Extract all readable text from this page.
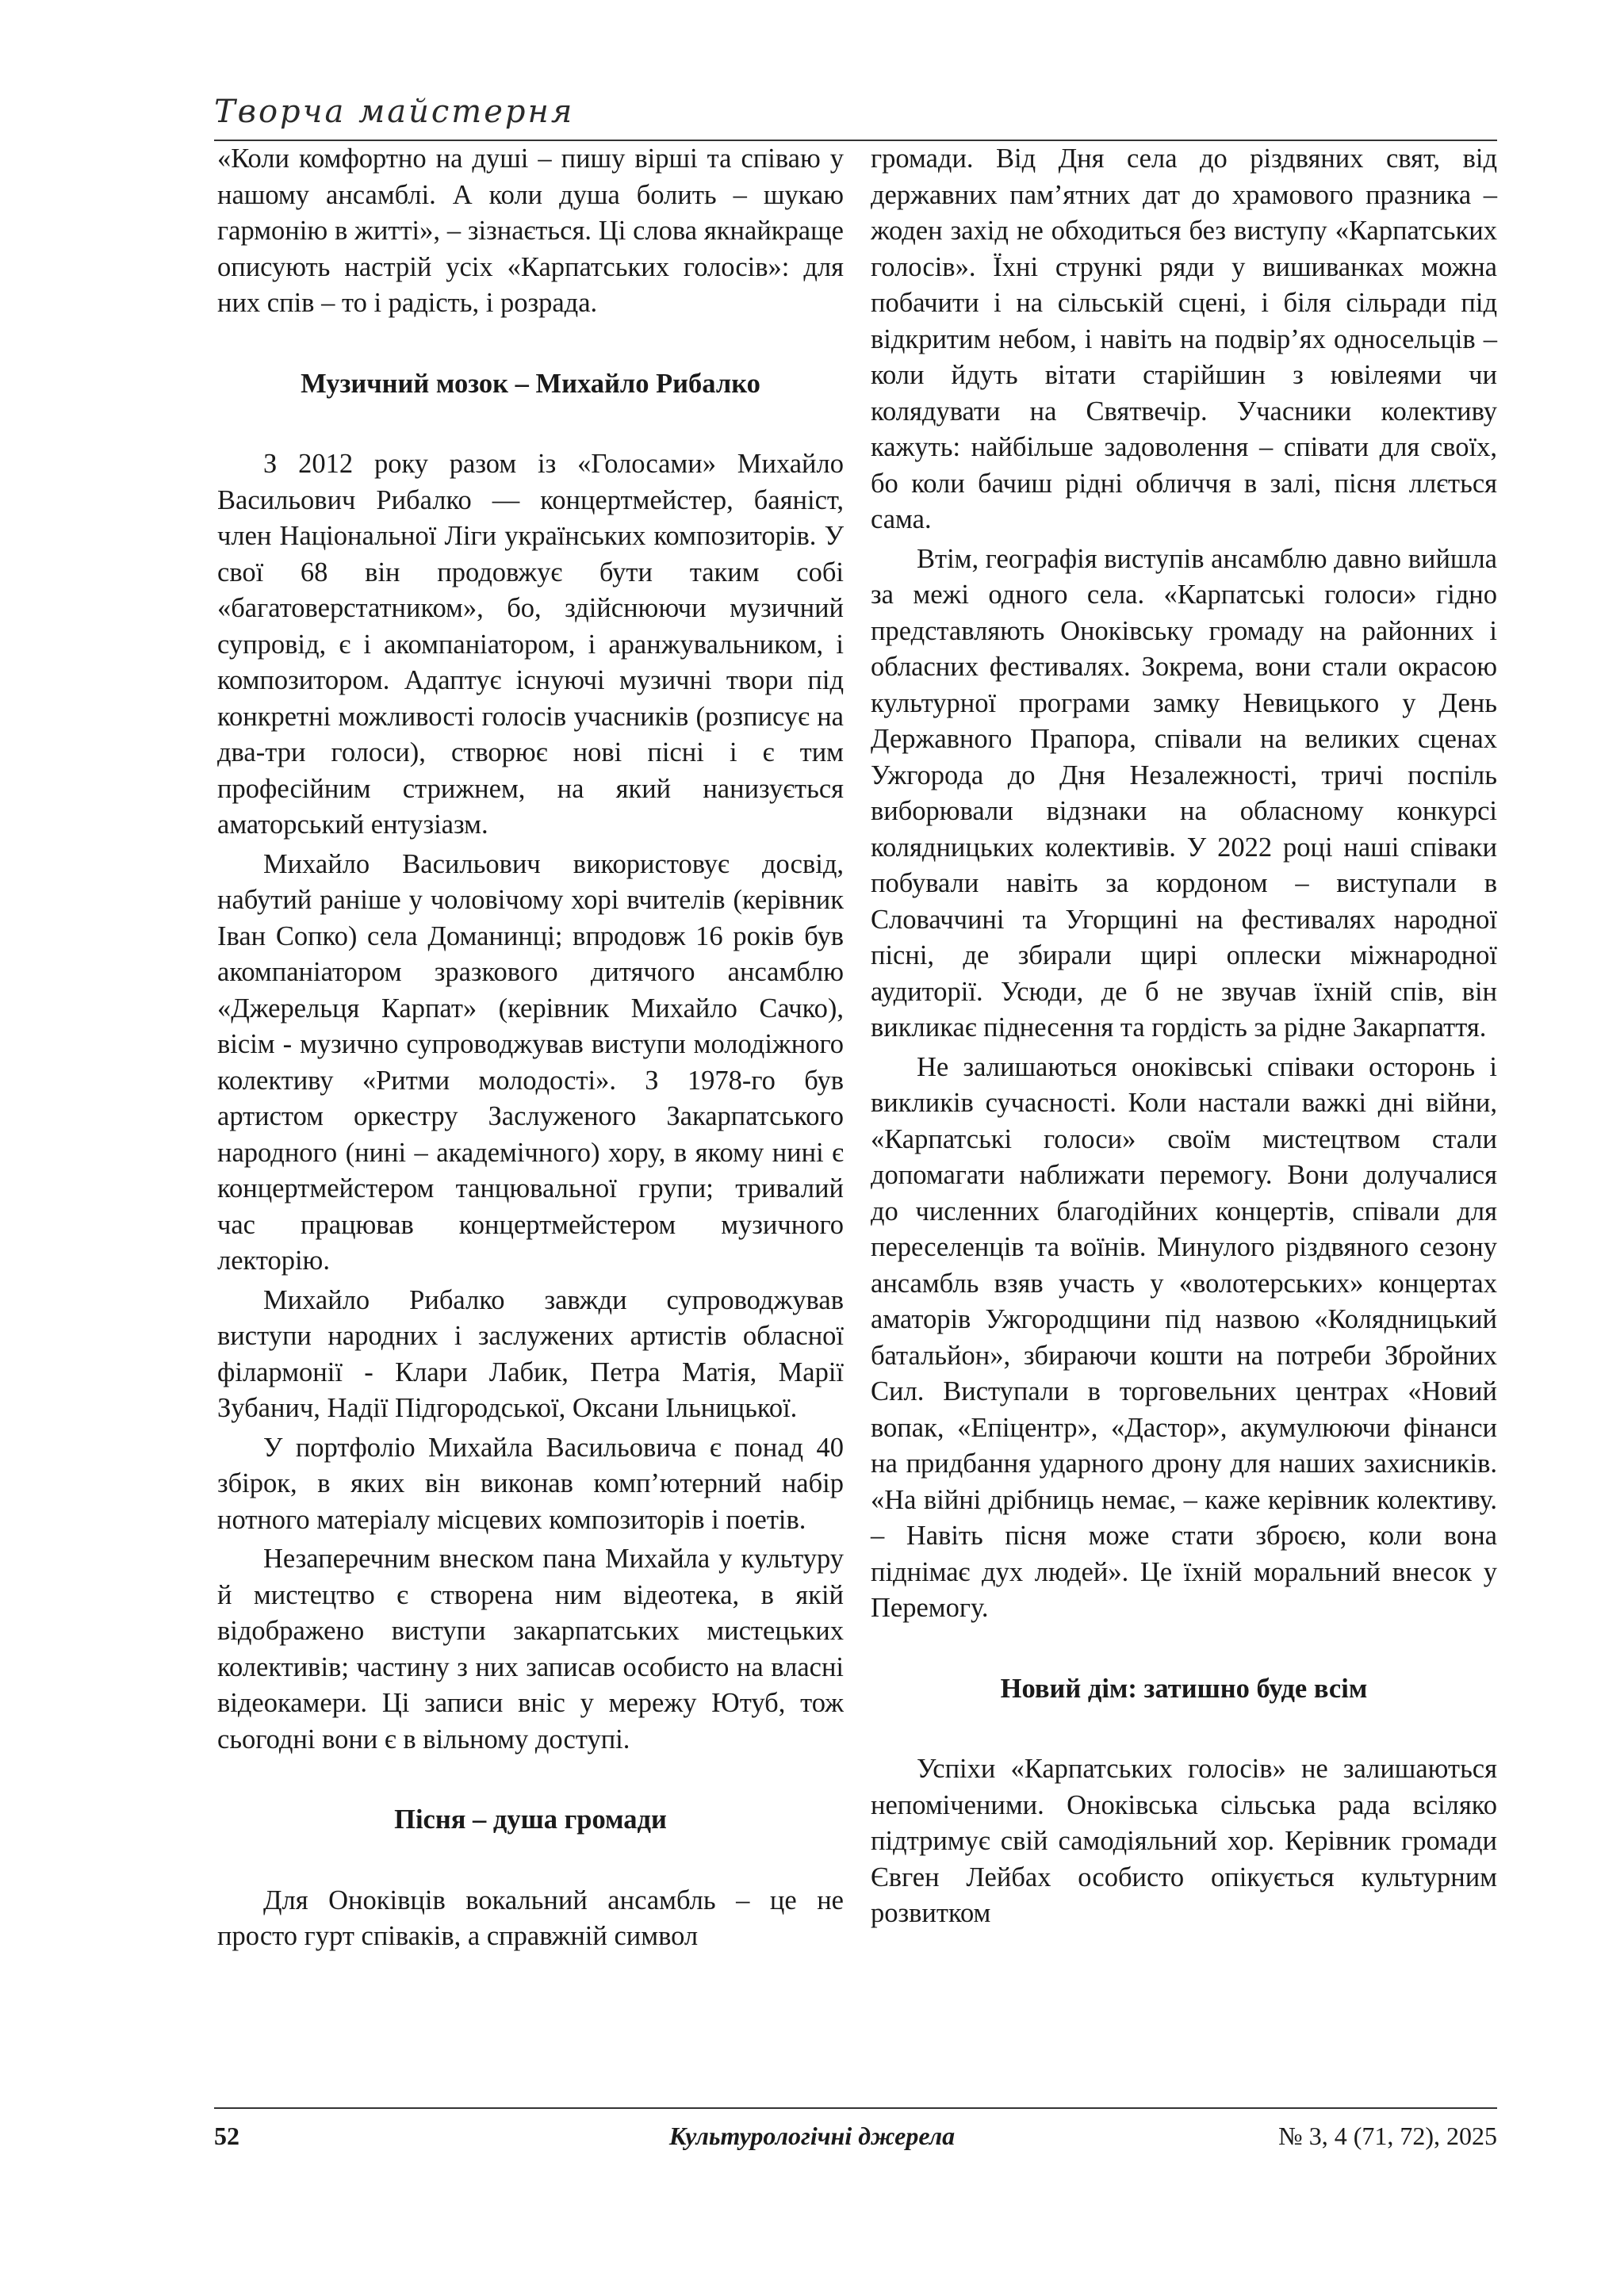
Творча майстерня

«Коли комфортно на душі – пишу вірші та співаю у нашому ансамблі. А коли душа болить – шукаю гармонію в житті», – зізнається. Ці слова якнайкраще описують настрій усіх «Карпатських голосів»: для них спів – то і радість, і розрада.

Музичний мозок – Михайло Рибалко

З 2012 року разом із «Голосами» Михайло Васильович Рибалко — концертмейстер, баяніст, член Національної Ліги українських композиторів. У свої 68 він продовжує бути таким собі «багатоверстатником», бо, здійснюючи музичний супровід, є і акомпаніатором, і аранжувальником, і композитором. Адаптує існуючі музичні твори під конкретні можливості голосів учасників (розписує на два-три голоси), створює нові пісні і є тим професійним стрижнем, на який нанизується аматорський ентузіазм.

Михайло Васильович використовує досвід, набутий раніше у чоловічому хорі вчителів (керівник Іван Сопко) села Доманинці; впродовж 16 років був акомпаніатором зразкового дитячого ансамблю «Джерельця Карпат» (керівник Михайло Сачко), вісім - музично супроводжував виступи молодіжного колективу «Ритми молодості». З 1978-го був артистом оркестру Заслуженого Закарпатського народного (нині – академічного) хору, в якому нині є концертмейстером танцювальної групи; тривалий час працював концертмейстером музичного лекторію.

Михайло Рибалко завжди супроводжував виступи народних і заслужених артистів обласної філармонії - Клари Лабик, Петра Матія, Марії Зубанич, Надії Підгородської, Оксани Ільницької.

У портфоліо Михайла Васильовича є понад 40 збірок, в яких він виконав комп’ютерний набір нотного матеріалу місцевих композиторів і поетів.

Незаперечним внеском пана Михайла у культуру й мистецтво є створена ним відеотека, в якій відображено виступи закарпатських мистецьких колективів; частину з них записав особисто на власні відеокамери. Ці записи вніс у мережу Ютуб, тож сьогодні вони є в вільному доступі.

Пісня – душа громади

Для Оноківців вокальний ансамбль – це не просто гурт співаків, а справжній символ

громади. Від Дня села до різдвяних свят, від державних пам’ятних дат до храмового празника – жоден захід не обходиться без виступу «Карпатських голосів». Їхні стрункі ряди у вишиванках можна побачити і на сільській сцені, і біля сільради під відкритим небом, і навіть на подвір’ях односельців – коли йдуть вітати старійшин з ювілеями чи колядувати на Святвечір. Учасники колективу кажуть: найбільше задоволення – співати для своїх, бо коли бачиш рідні обличчя в залі, пісня ллється сама.

Втім, географія виступів ансамблю давно вийшла за межі одного села. «Карпатські голоси» гідно представляють Оноківську громаду на районних і обласних фестивалях. Зокрема, вони стали окрасою культурної програми замку Невицького у День Державного Прапора, співали на великих сценах Ужгорода до Дня Незалежності, тричі поспіль виборювали відзнаки на обласному конкурсі колядницьких колективів. У 2022 році наші співаки побували навіть за кордоном – виступали в Словаччині та Угорщині на фестивалях народної пісні, де збирали щирі оплески міжнародної аудиторії. Усюди, де б не звучав їхній спів, він викликає піднесення та гордість за рідне Закарпаття.

Не залишаються оноківські співаки осторонь і викликів сучасності. Коли настали важкі дні війни, «Карпатські голоси» своїм мистецтвом стали допомагати наближати перемогу. Вони долучалися до численних благодійних концертів, співали для переселенців та воїнів. Минулого різдвяного сезону ансамбль взяв участь у «волотерських» концертах аматорів Ужгородщини під назвою «Колядницький батальйон», збираючи кошти на потреби Збройних Сил. Виступали в торговельних центрах «Новий вопак, «Епіцентр», «Дастор», акумулюючи фінанси на придбання ударного дрону для наших захисників. «На війні дрібниць немає, – каже керівник колективу. – Навіть пісня може стати зброєю, коли вона піднімає дух людей». Це їхній моральний внесок у Перемогу.

Новий дім: затишно буде всім

Успіхи «Карпатських голосів» не залишаються непоміченими. Оноківська сільська рада всіляко підтримує свій самодіяльний хор. Керівник громади Євген Лейбах особисто опікується культурним розвитком

52	Культурологічні джерела	№ 3, 4 (71, 72), 2025
